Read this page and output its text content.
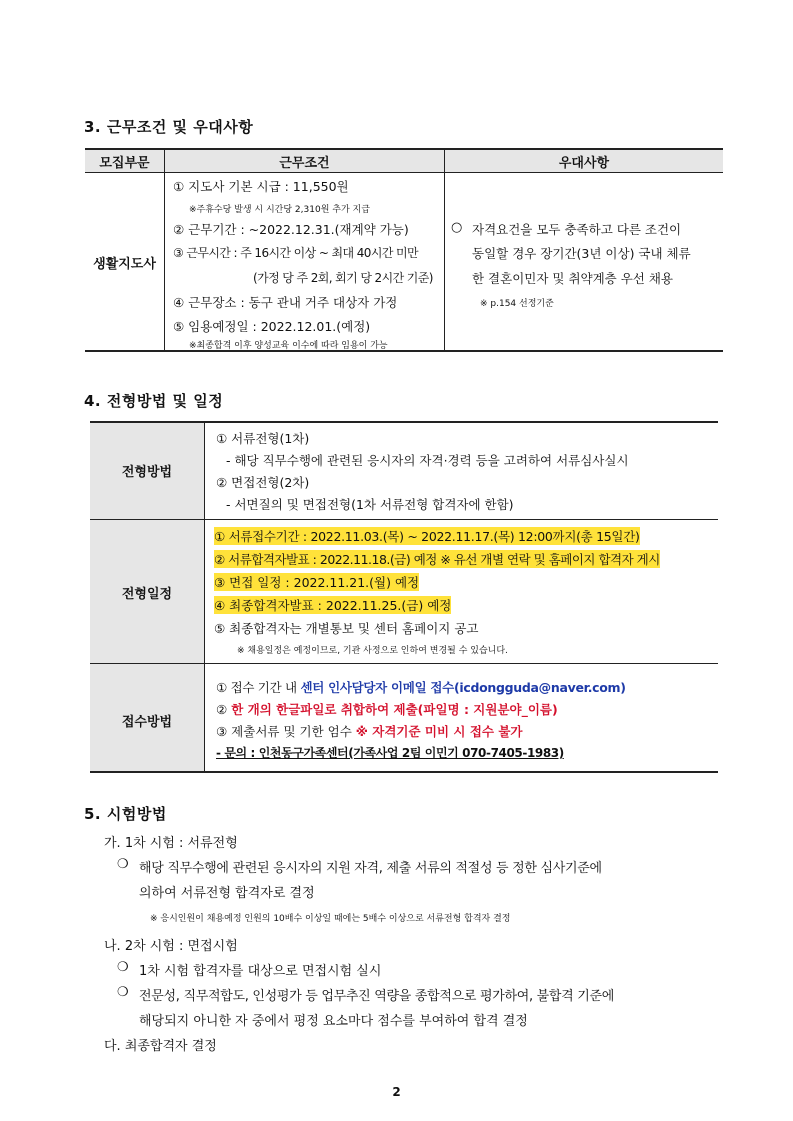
3. 근무조건 및 우대사항
모집부문	근무조건	우대사항
생활지도사
① 지도사 기본 시급 : 11,550원
※주휴수당 발생 시 시간당 2,310원 추가 지급
② 근무기간 : ~2022.12.31.(재계약 가능)
③ 근무시간 : 주 16시간 이상 ~ 최대 40시간 미만
(가정 당 주 2회, 회기 당 2시간 기준)
④ 근무장소 : 동구 관내 거주 대상자 가정
⑤ 임용예정일 : 2022.12.01.(예정)
※최종합격 이후 양성교육 이수에 따라 임용이 가능
○ 자격요건을 모두 충족하고 다른 조건이
동일할 경우 장기간(3년 이상) 국내 체류
한 결혼이민자 및 취약계층 우선 채용
※ p.154 선정기준
4. 전형방법 및 일정
전형방법
① 서류전형(1차)
- 해당 직무수행에 관련된 응시자의 자격·경력 등을 고려하여 서류심사실시
② 면접전형(2차)
- 서면질의 및 면접전형(1차 서류전형 합격자에 한함)
전형일정
① 서류접수기간 : 2022.11.03.(목) ~ 2022.11.17.(목) 12:00까지(총 15일간)
② 서류합격자발표 : 2022.11.18.(금) 예정 ※ 유선 개별 연락 및 홈페이지 합격자 게시
③ 면접 일정 : 2022.11.21.(월) 예정
④ 최종합격자발표 : 2022.11.25.(금) 예정
⑤ 최종합격자는 개별통보 및 센터 홈페이지 공고
※ 채용일정은 예정이므로, 기관 사정으로 인하여 변경될 수 있습니다.
접수방법
① 접수 기간 내 센터 인사담당자 이메일 접수(icdongguda@naver.com)
② 한 개의 한글파일로 취합하여 제출(파일명 : 지원분야_이름)
③ 제출서류 및 기한 엄수 ※ 자격기준 미비 시 접수 불가
- 문의 : 인천동구가족센터(가족사업 2팀 이민기 070-7405-1983)
5. 시험방법
가. 1차 시험 : 서류전형
❍ 해당 직무수행에 관련된 응시자의 지원 자격, 제출 서류의 적절성 등 정한 심사기준에
의하여 서류전형 합격자로 결정
※ 응시인원이 채용예정 인원의 10배수 이상일 때에는 5배수 이상으로 서류전형 합격자 결정
나. 2차 시험 : 면접시험
❍ 1차 시험 합격자를 대상으로 면접시험 실시
❍ 전문성, 직무적합도, 인성평가 등 업무추진 역량을 종합적으로 평가하여, 불합격 기준에
해당되지 아니한 자 중에서 평정 요소마다 점수를 부여하여 합격 결정
다. 최종합격자 결정
2
